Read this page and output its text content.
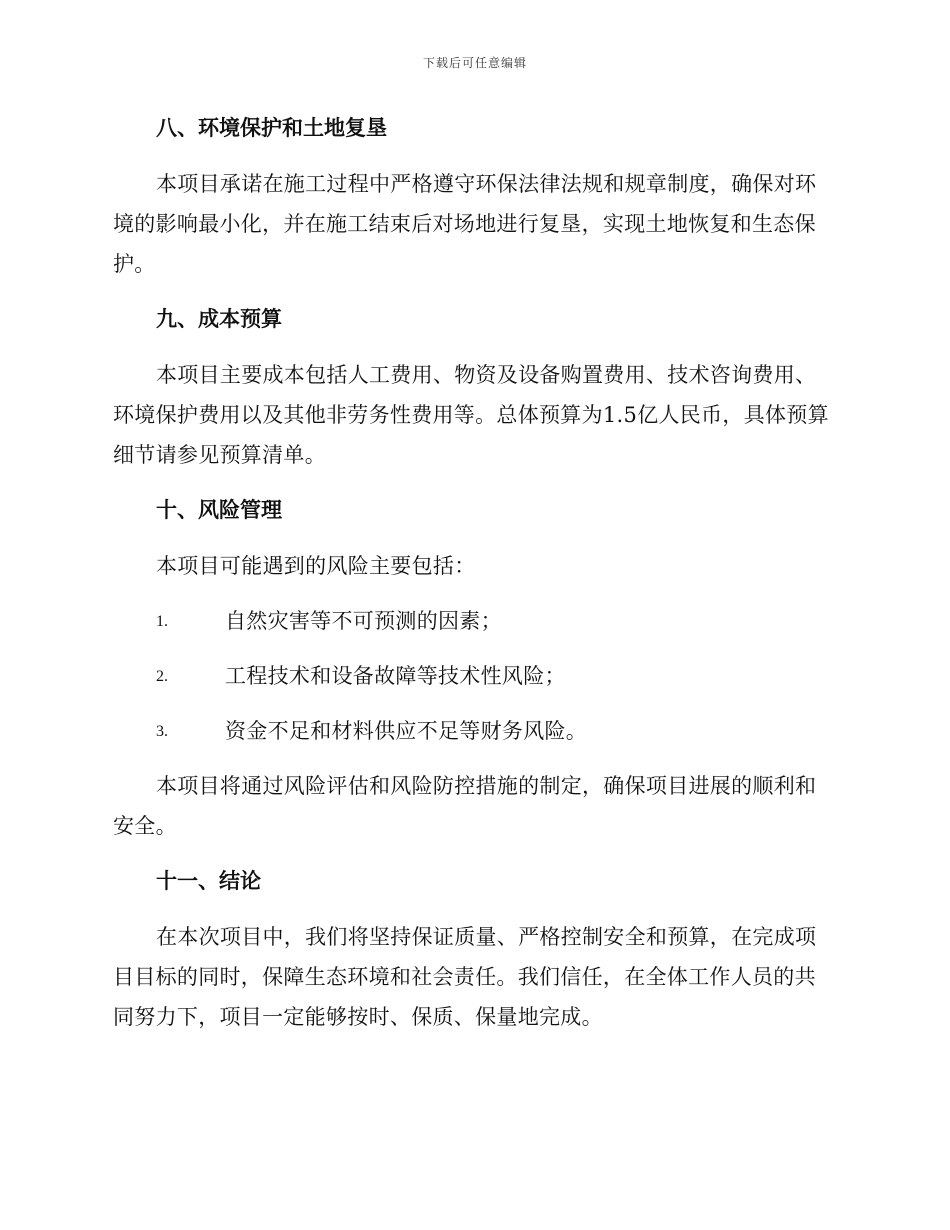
下载后可任意编辑
八、环境保护和土地复垦

本项目承诺在施工过程中严格遵守环保法律法规和规章制度，确保对环境的影响最小化，并在施工结束后对场地进行复垦，实现土地恢复和生态保护。

九、成本预算

本项目主要成本包括人工费用、物资及设备购置费用、技术咨询费用、环境保护费用以及其他非劳务性费用等。总体预算为1.5亿人民币，具体预算细节请参见预算清单。

十、风险管理

本项目可能遇到的风险主要包括：

1.	自然灾害等不可预测的因素；
2.	工程技术和设备故障等技术性风险；
3.	资金不足和材料供应不足等财务风险。

本项目将通过风险评估和风险防控措施的制定，确保项目进展的顺利和安全。

十一、结论

在本次项目中，我们将坚持保证质量、严格控制安全和预算，在完成项目目标的同时，保障生态环境和社会责任。我们信任，在全体工作人员的共同努力下，项目一定能够按时、保质、保量地完成。
